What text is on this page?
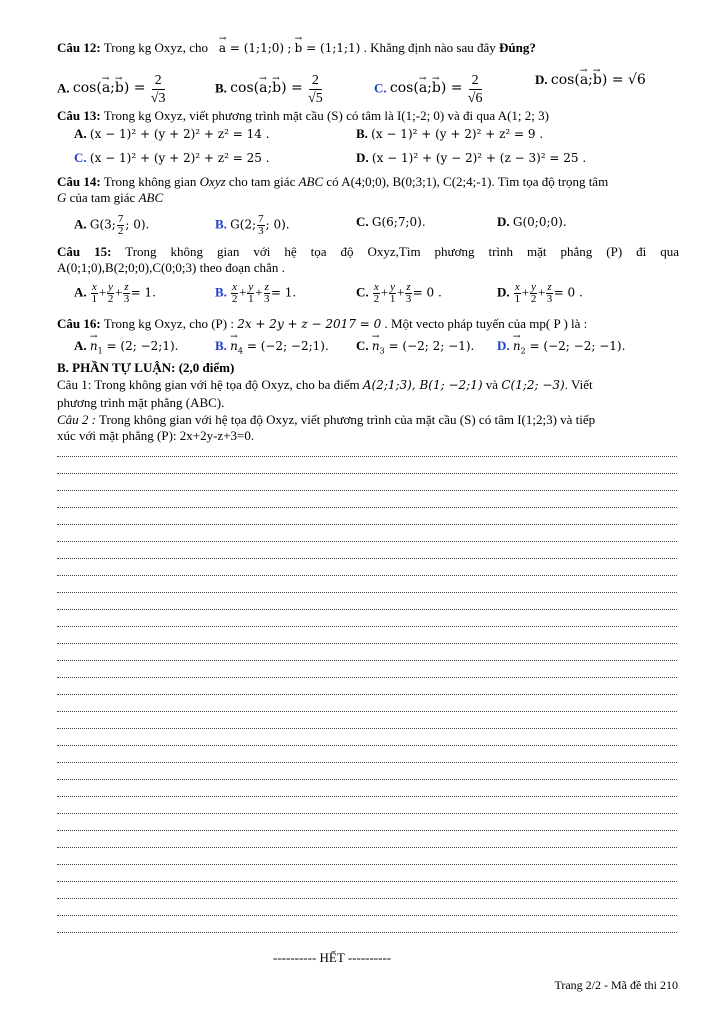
Câu 12: Trong kg Oxyz, cho → a = (1;1;0) ; → b = (1;1;1) . Khẳng định nào sau đây Đúng?
A. cos(→ a;→ $b) = \frac{2}{√3}$	B. cos(→ a;→ $b) = \frac{2}{√5}$	C. cos(→ a;→ $b) = \frac{2}{√6}$	D. cos(→ a;→ b) = √6
Câu 13: Trong kg Oxyz, viết phương trình mặt cầu (S) có tâm là I(1;-2; 0) và đi qua A(1; 2; 3)
A. (x − 1)² + (y + 2)² + z² = 14 .	B. (x − 1)² + (y + 2)² + z² = 9 .
C. (x − 1)² + (y + 2)² + z² = 25 .	D. (x − 1)² + (y − 2)² + (z − 3)² = 25 .
Câu 14: Trong không gian Oxyz cho tam giác ABC có A(4;0;0), B(0;3;1), C(2;4;-1). Tìm tọa độ trọng tâm
G của tam giác ABC
A. G(3; $\frac{7}{2}$ ; 0).	B. G(2; $\frac{7}{3}$ ; 0).	C. G(6;7;0).	D. G(0;0;0).
Câu 15: Trong không gian với hệ tọa độ Oxyz,Tìm phương trình mặt phẳng (P) đi qua
A(0;1;0),B(2;0;0),C(0;0;3) theo đoạn chắn .
A. $\frac{x}{1} + \frac{y}{2} + \frac{z}{3} = 1$.	B. $\frac{x}{2} + \frac{y}{1} + \frac{z}{3} = 1$.	C. $\frac{x}{2} + \frac{y}{1} + \frac{z}{3} = 0$ .	D. $\frac{x}{1} + \frac{y}{2} + \frac{z}{3} = 0$ .
Câu 16: Trong kg Oxyz, cho (P) : 2x + 2y + z − 2017 = 0 . Một vecto pháp tuyến của mp( P ) là :
A. → $n_1 = (2$; −2;1).	B. → $n_4 = (-2$; −2;1). C. → $n_3 = (-2$; 2; −1). D. → $n_2 = (-2$; −2; −1).
B. PHẦN TỰ LUẬN: (2,0 điểm)
Câu 1: Trong không gian với hệ tọa độ Oxyz, cho ba điểm A(2;1;3), B(1; −2;1) và C(1;2; −3). Viết
phương trình mặt phẳng (ABC).
Câu 2 : Trong không gian với hệ tọa độ Oxyz, viết phương trình của mặt cầu (S) có tâm I(1;2;3) và tiếp
xúc với mặt phẳng (P): 2x+2y-z+3=0.
---------- HẾT ----------
Trang 2/2 - Mã đề thi 210
